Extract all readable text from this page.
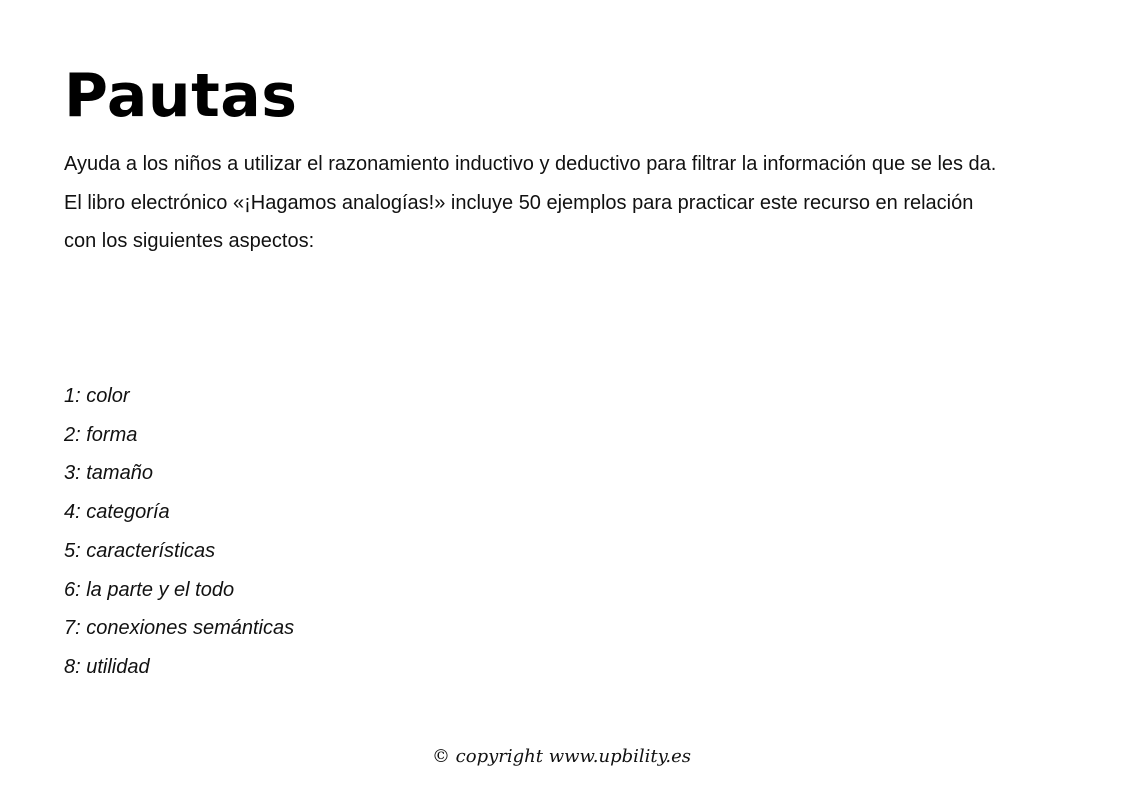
Pautas

Ayuda a los niños a utilizar el razonamiento inductivo y deductivo para filtrar la información que se les da.

El libro electrónico «¡Hagamos analogías!» incluye 50 ejemplos para practicar este recurso en relación con los siguientes aspectos:

1: color
2: forma
3: tamaño
4: categoría
5: características
6: la parte y el todo
7: conexiones semánticas
8: utilidad
© copyright www.upbility.es
